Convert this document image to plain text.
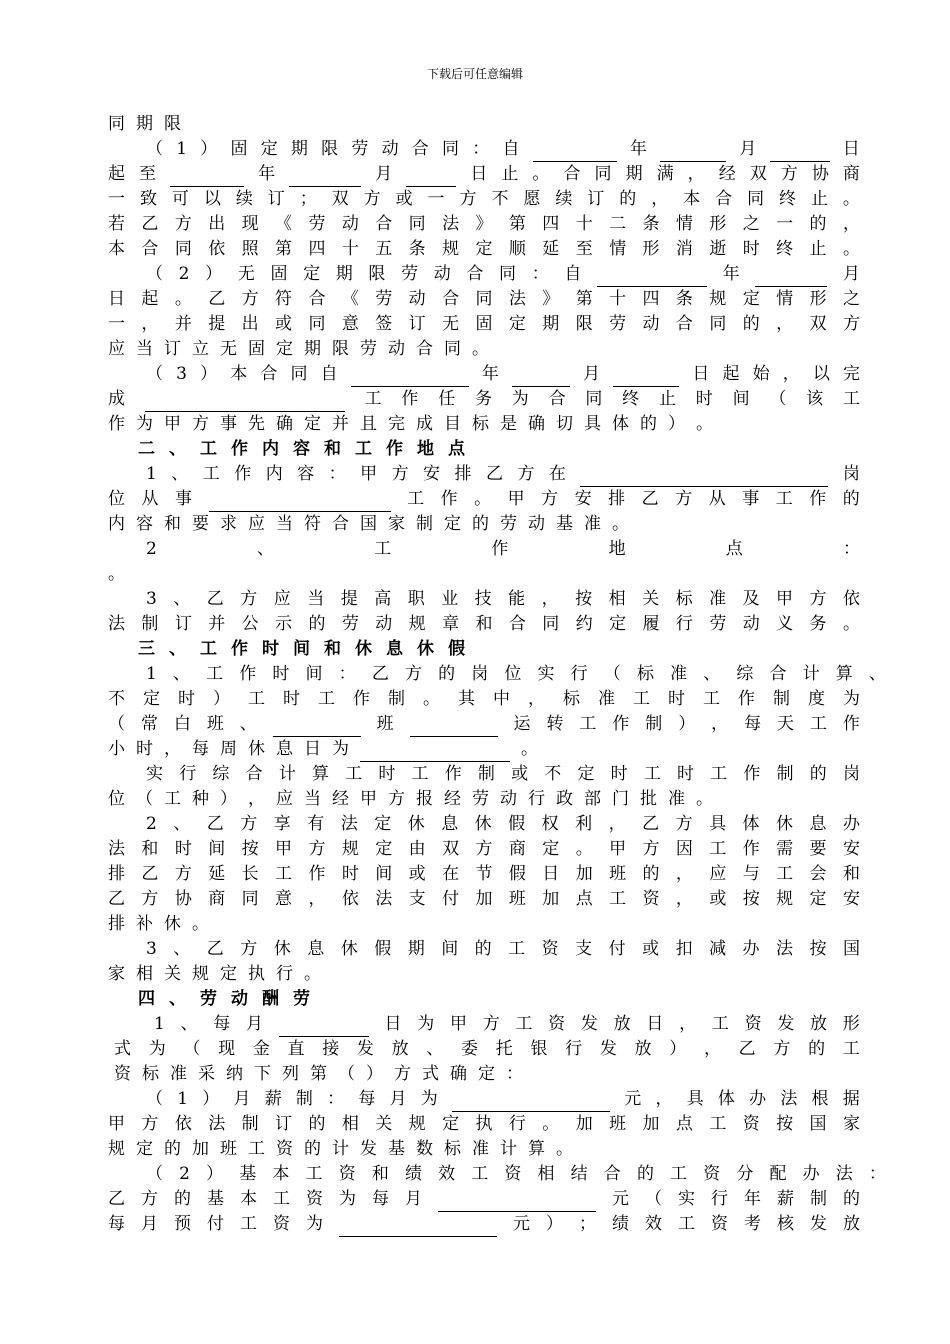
下载后可任意编辑
同 期 限
（ 1 ） 固 定 期 限 劳 动 合 同 ： 自	年	月	日
起 至	年	月	日 止 。 合 同 期 满 ， 经 双 方 协 商
一 致 可 以 续 订 ； 双 方 或 一 方 不 愿 续 订 的 ， 本 合 同 终 止 。
若 乙 方 出 现 《 劳 动 合 同 法 》 第 四 十 二 条 情 形 之 一 的 ，
本 合 同 依 照 第 四 十 五 条 规 定 顺 延 至 情 形 消 逝 时 终 止 。
（ 2 ） 无 固 定 期 限 劳 动 合 同 ： 自	年	月
日 起 。 乙 方 符 合 《 劳 动 合 同 法 》 第 十 四 条 规 定 情 形 之
一 ， 并 提 出 或 同 意 签 订 无 固 定 期 限 劳 动 合 同 的 ， 双 方
应 当 订 立 无 固 定 期 限 劳 动 合 同 。
（ 3 ） 本 合 同 自	年	月	日 起 始 ， 以 完
成	工 作 任 务 为 合 同 终 止 时 间 （ 该 工
作 为 甲 方 事 先 确 定 并 且 完 成 目 标 是 确 切 具 体 的 ） 。
二 、 工 作 内 容 和 工 作 地 点
1 、 工 作 内 容 ： 甲 方 安 排 乙 方 在	岗
位 从 事	工 作 。 甲 方 安 排 乙 方 从 事 工 作 的
内 容 和 要 求 应 当 符 合 国 家 制 定 的 劳 动 基 准 。
2	、	工	作	地	点	：
。
3 、 乙 方 应 当 提 高 职 业 技 能 ， 按 相 关 标 准 及 甲 方 依
法 制 订 并 公 示 的 劳 动 规 章 和 合 同 约 定 履 行 劳 动 义 务 。
三 、 工 作 时 间 和 休 息 休 假
1 、 工 作 时 间 ： 乙 方 的 岗 位 实 行 （ 标 准 、 综 合 计 算 、
不 定 时 ） 工 时 工 作 制 。 其 中 ， 标 准 工 时 工 作 制 度 为
（ 常 白 班 、	班	运 转 工 作 制 ） ， 每 天 工 作
小 时 ， 每 周 休 息 日 为	。
实 行 综 合 计 算 工 时 工 作 制 或 不 定 时 工 时 工 作 制 的 岗
位 （ 工 种 ） ， 应 当 经 甲 方 报 经 劳 动 行 政 部 门 批 准 。
2 、 乙 方 享 有 法 定 休 息 休 假 权 利 ， 乙 方 具 体 休 息 办
法 和 时 间 按 甲 方 规 定 由 双 方 商 定 。 甲 方 因 工 作 需 要 安
排 乙 方 延 长 工 作 时 间 或 在 节 假 日 加 班 的 ， 应 与 工 会 和
乙 方 协 商 同 意 ， 依 法 支 付 加 班 加 点 工 资 ， 或 按 规 定 安
排 补 休 。
3 、 乙 方 休 息 休 假 期 间 的 工 资 支 付 或 扣 减 办 法 按 国
家 相 关 规 定 执 行 。
四 、 劳 动 酬 劳
1 、 每 月	日 为 甲 方 工 资 发 放 日 ， 工 资 发 放 形
式 为 （ 现 金 直 接 发 放 、 委 托 银 行 发 放 ） ， 乙 方 的 工
资 标 准 采 纳 下 列 第 （ ） 方 式 确 定 ：
（ 1 ） 月 薪 制 ： 每 月 为	元 ， 具 体 办 法 根 据
甲 方 依 法 制 订 的 相 关 规 定 执 行 。 加 班 加 点 工 资 按 国 家
规 定 的 加 班 工 资 的 计 发 基 数 标 准 计 算 。
（ 2 ） 基 本 工 资 和 绩 效 工 资 相 结 合 的 工 资 分 配 办 法 ：
乙 方 的 基 本 工 资 为 每 月	元 （ 实 行 年 薪 制 的
每 月 预 付 工 资 为	元 ） ； 绩 效 工 资 考 核 发 放
